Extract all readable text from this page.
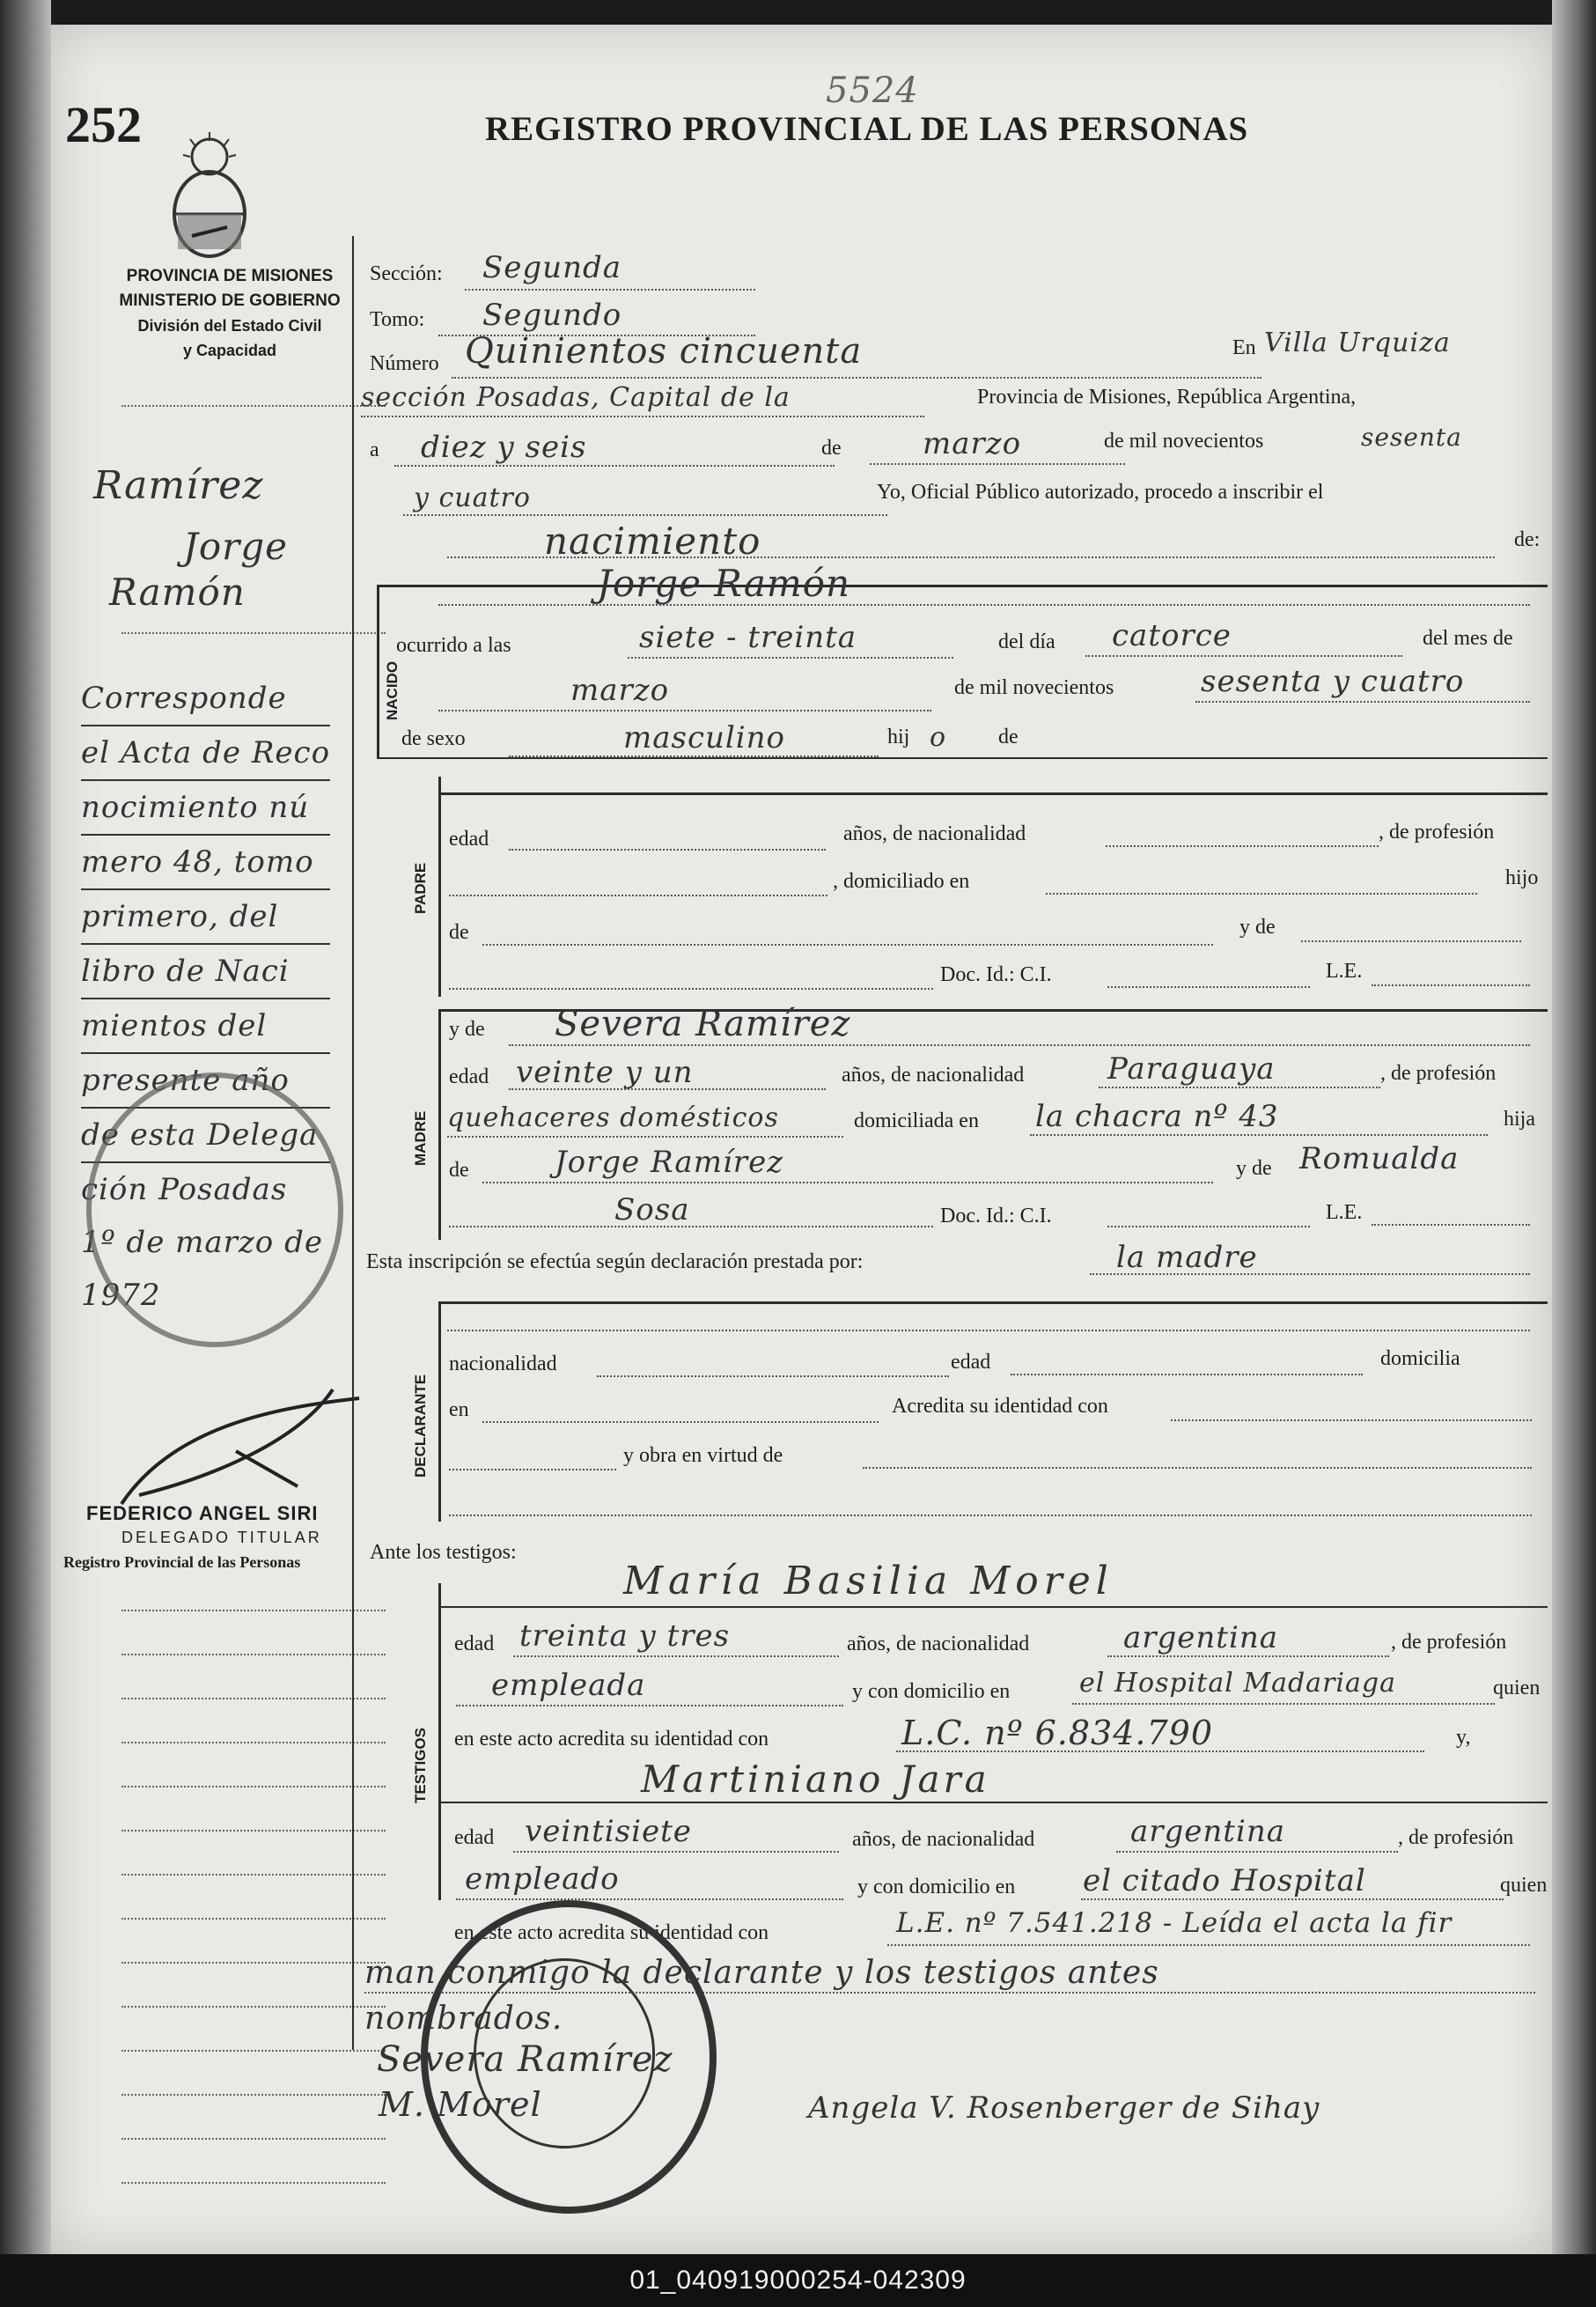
252
5524
REGISTRO PROVINCIAL DE LAS PERSONAS
PROVINCIA DE MISIONES
MINISTERIO DE GOBIERNO
División del Estado Civil
y Capacidad
Ramírez
Jorge
Ramón
Corresponde
el Acta de Reco
nocimiento nú
mero 48, tomo
primero, del
libro de Naci
mientos del
presente año
de esta Delega
ción Posadas
1º de marzo de
1972
FEDERICO ANGEL SIRI
DELEGADO TITULAR
Registro Provincial de las Personas
Sección: Segunda
Tomo: Segundo
Número Quinientos cincuenta	En Villa Urquiza
sección Posadas, Capital de la	Provincia de Misiones, República Argentina,
a diez y seis	de	marzo	de mil novecientos	sesenta
y cuatro	Yo, Oficial Público autorizado, procedo a inscribir el
nacimiento	de:
NACIDO
Jorge Ramón
ocurrido a las	siete - treinta	del día catorce	del mes de
marzo	de mil novecientos	sesenta y cuatro
de sexo	masculino	hij o de
PADRE
edad	años, de nacionalidad	, de profesión
, domiciliado en	hijo
de	y de
Doc. Id.: C.I.	L.E.
MADRE
y de Severa Ramírez
edad veinte y un	años, de nacionalidad	Paraguaya	, de profesión
quehaceres domésticos	domiciliada en la chacra nº 43	hija
de	Jorge Ramírez	y de Romualda
Sosa	Doc. Id.: C.I.	L.E.
Esta inscripción se efectúa según declaración prestada por:	la madre
DECLARANTE
nacionalidad	edad	domicilia
en	Acredita su identidad con
y obra en virtud de
Ante los testigos:
TESTIGOS
María Basilia Morel
edad treinta y tres	años, de nacionalidad	argentina	, de profesión
empleada	y con domicilio en	el Hospital Madariaga	quien
en este acto acredita su identidad con	L.C. nº 6.834.790	y,
Martiniano Jara
edad veintisiete	años, de nacionalidad	argentina	, de profesión
empleado	y con domicilio en el citado Hospital	quien
en este acto acredita su identidad con	L.E. nº 7.541.218 - Leída el acta la fir
man conmigo la declarante y los testigos antes
nombrados.
Severa Ramírez
M. Morel	Angela V. Rosenberger de Sihay
01_040919000254-042309
